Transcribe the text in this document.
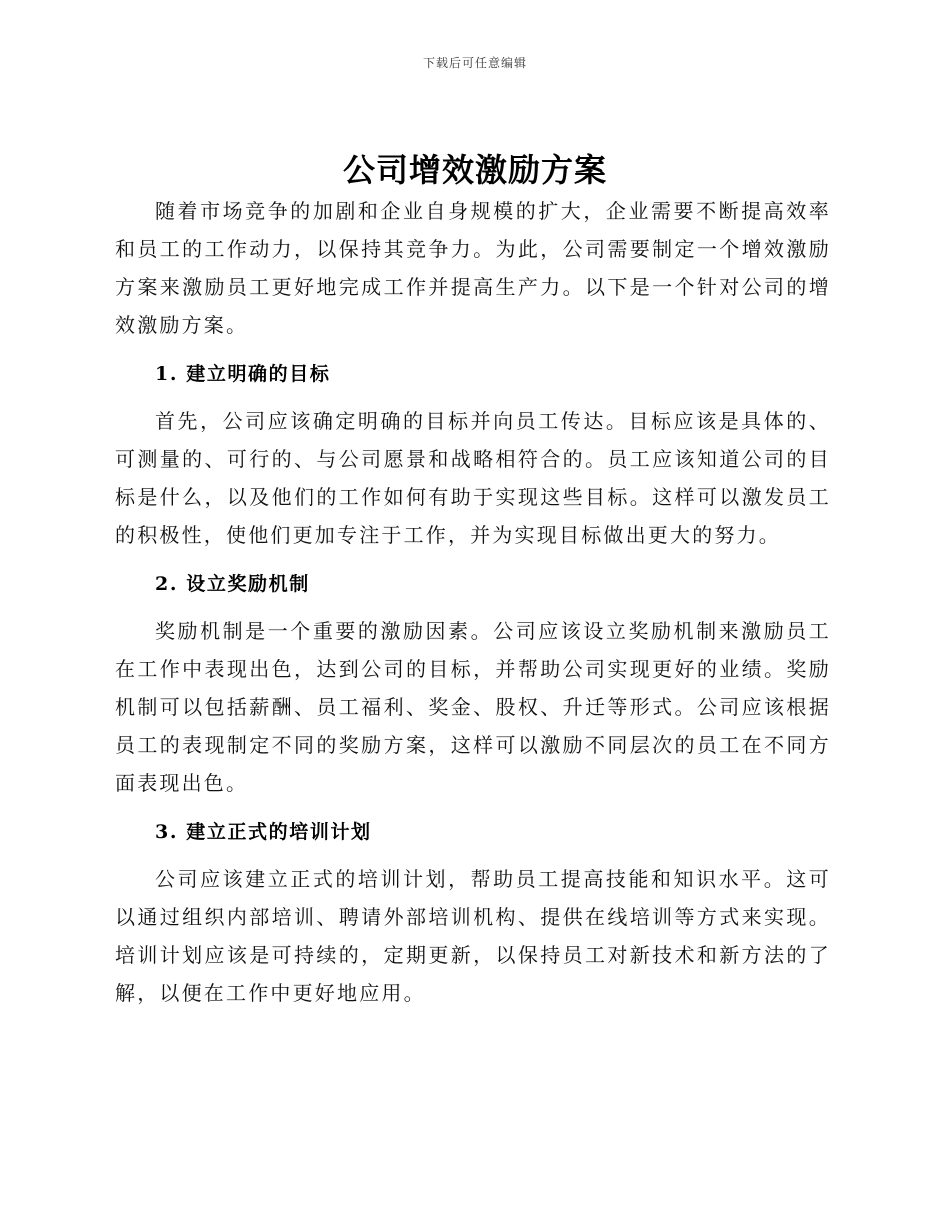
下载后可任意编辑
公司增效激励方案

随着市场竞争的加剧和企业自身规模的扩大，企业需要不断提高效率和员工的工作动力，以保持其竞争力。为此，公司需要制定一个增效激励方案来激励员工更好地完成工作并提高生产力。以下是一个针对公司的增效激励方案。

1. 建立明确的目标

首先，公司应该确定明确的目标并向员工传达。目标应该是具体的、可测量的、可行的、与公司愿景和战略相符合的。员工应该知道公司的目标是什么，以及他们的工作如何有助于实现这些目标。这样可以激发员工的积极性，使他们更加专注于工作，并为实现目标做出更大的努力。

2. 设立奖励机制

奖励机制是一个重要的激励因素。公司应该设立奖励机制来激励员工在工作中表现出色，达到公司的目标，并帮助公司实现更好的业绩。奖励机制可以包括薪酬、员工福利、奖金、股权、升迁等形式。公司应该根据员工的表现制定不同的奖励方案，这样可以激励不同层次的员工在不同方面表现出色。

3. 建立正式的培训计划

公司应该建立正式的培训计划，帮助员工提高技能和知识水平。这可以通过组织内部培训、聘请外部培训机构、提供在线培训等方式来实现。培训计划应该是可持续的，定期更新，以保持员工对新技术和新方法的了解，以便在工作中更好地应用。
